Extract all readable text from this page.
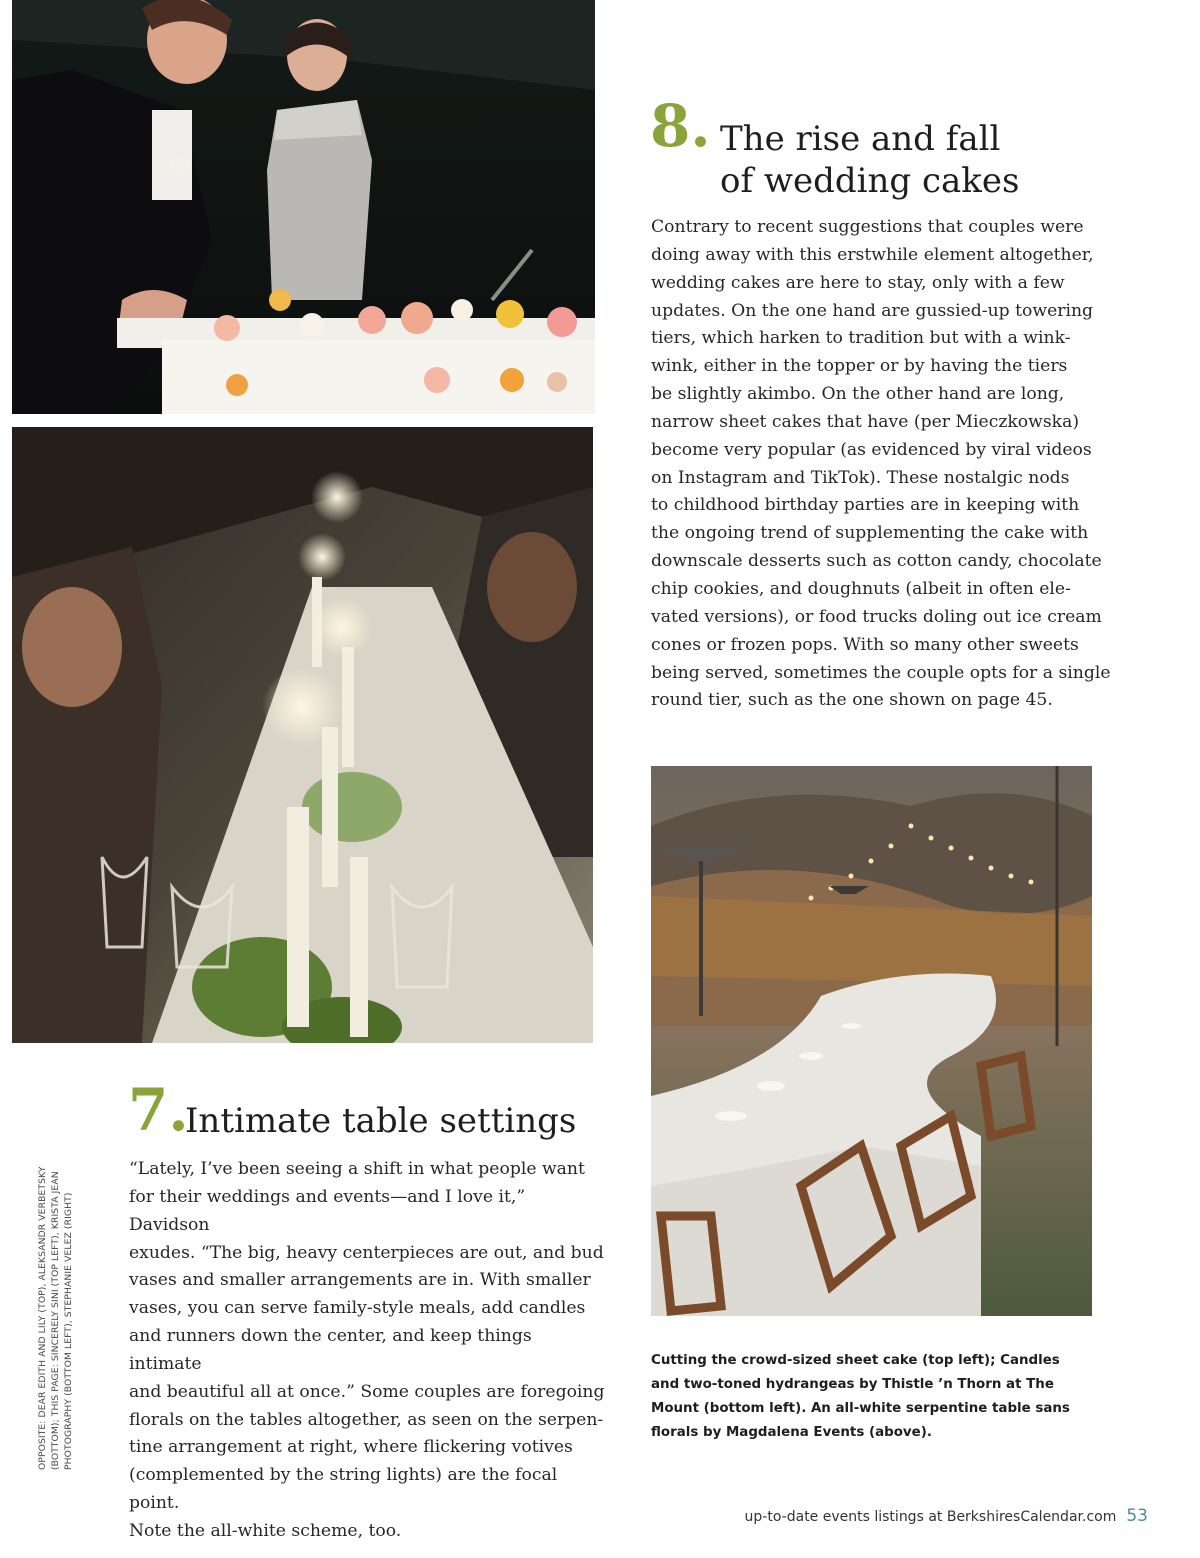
8. The rise and fall
of wedding cakes
Contrary to recent suggestions that couples were
doing away with this erstwhile element altogether,
wedding cakes are here to stay, only with a few
updates. On the one hand are gussied-up towering
tiers, which harken to tradition but with a wink-
wink, either in the topper or by having the tiers
be slightly akimbo. On the other hand are long,
narrow sheet cakes that have (per Mieczkowska)
become very popular (as evidenced by viral videos
on Instagram and TikTok). These nostalgic nods
to childhood birthday parties are in keeping with
the ongoing trend of supplementing the cake with
downscale desserts such as cotton candy, chocolate
chip cookies, and doughnuts (albeit in often ele-
vated versions), or food trucks doling out ice cream
cones or frozen pops. With so many other sweets
being served, sometimes the couple opts for a single
round tier, such as the one shown on page 45.
7.
Intimate table settings
“Lately, I’ve been seeing a shift in what people want
for their weddings and events—and I love it,” Davidson
exudes. “The big, heavy centerpieces are out, and bud
vases and smaller arrangements are in. With smaller
vases, you can serve family-style meals, add candles
and runners down the center, and keep things intimate
and beautiful all at once.” Some couples are foregoing
florals on the tables altogether, as seen on the serpen-
tine arrangement at right, where flickering votives
(complemented by the string lights) are the focal point.
Note the all-white scheme, too.
Cutting the crowd-sized sheet cake (top left); Candles
and two-toned hydrangeas by Thistle ’n Thorn at The
Mount (bottom left). An all-white serpentine table sans
florals by Magdalena Events (above).
OPPOSITE: DEAR EDITH AND LILY (TOP), ALEKSANDR VERBETSKY
(BOTTOM); THIS PAGE: SINCERELY SINI (TOP LEFT), KRISTA JEAN
PHOTOGRAPHY (BOTTOM LEFT), STEPHANIE VELEZ (RIGHT)
up-to-date events listings at BerkshiresCalendar.com 53
